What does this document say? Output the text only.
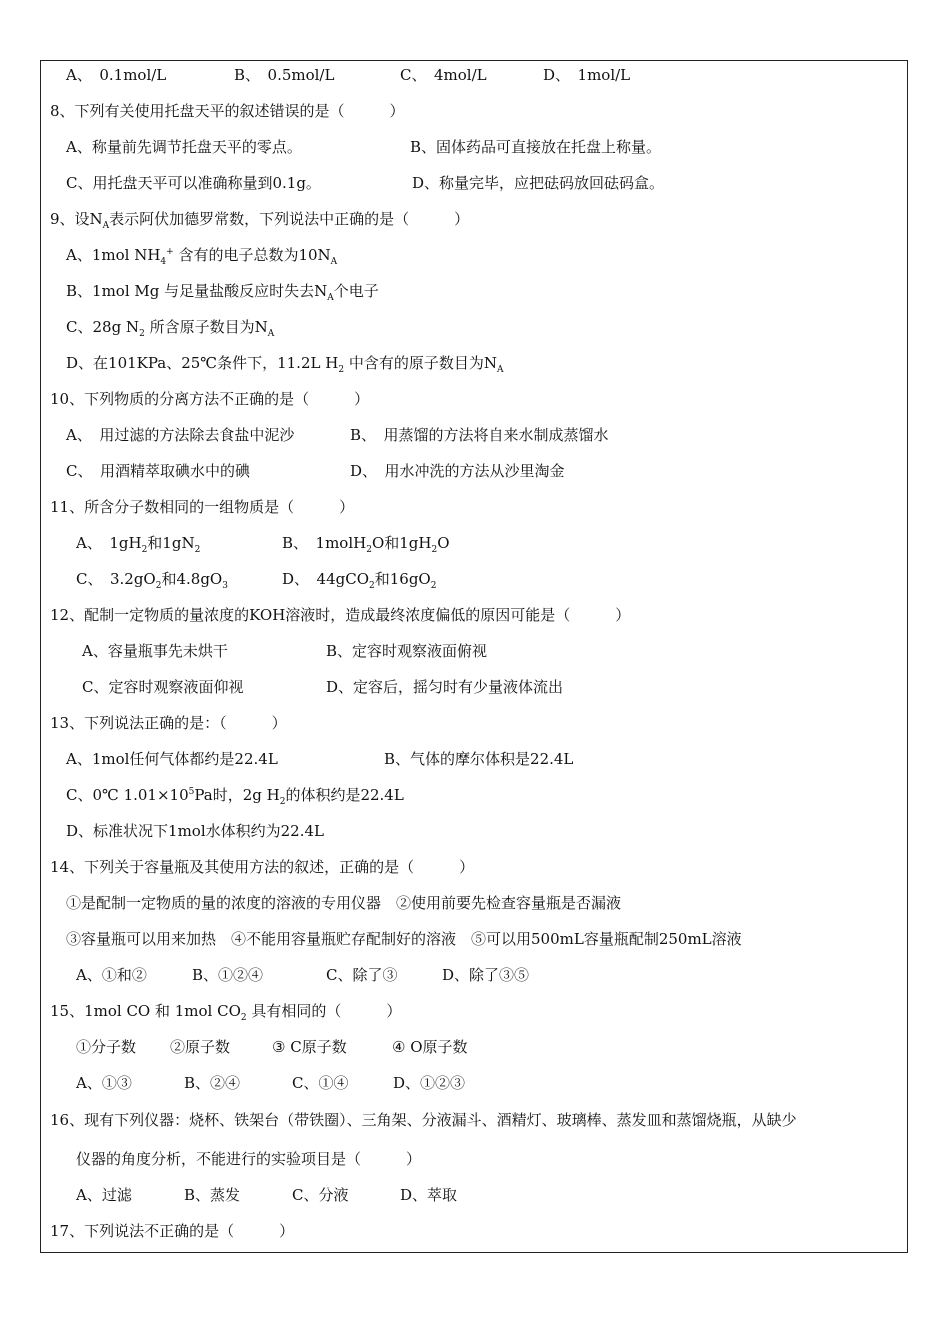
A、　0.1mol/L	B、　0.5mol/L	C、　4mol/L	D、　1mol/L
8、下列有关使用托盘天平的叙述错误的是（　　　）
A、称量前先调节托盘天平的零点。	B、固体药品可直接放在托盘上称量。
C、用托盘天平可以准确称量到0.1g。	D、称量完毕，应把砝码放回砝码盒。
9、设$N_A$表示阿伏加德罗常数，下列说法中正确的是（　　　）
A、1mol $NH_4^+$ 含有的电子总数为$10N_A$
B、1mol Mg 与足量盐酸反应时失去$N_A$个电子
C、28g $N_2$ 所含原子数目为$N_A$
D、在101KPa、25℃条件下，11.2L $H_2$ 中含有的原子数目为$N_A$
10、下列物质的分离方法不正确的是（　　　）
A、　用过滤的方法除去食盐中泥沙	B、　用蒸馏的方法将自来水制成蒸馏水
C、　用酒精萃取碘水中的碘	D、　用水冲洗的方法从沙里淘金
11、所含分子数相同的一组物质是（　　　）
A、　$1gH_2$和$1gN_2$	B、　1molH$_2$O和$1gH_2O$
C、　$3.2gO_2$和$4.8gO_3$	D、　44gCO$_2$和$16gO_2$
12、配制一定物质的量浓度的KOH溶液时，造成最终浓度偏低的原因可能是（　　　）
A、容量瓶事先未烘干	B、定容时观察液面俯视
C、定容时观察液面仰视	D、定容后，摇匀时有少量液体流出
13、下列说法正确的是：（　　　）
A、1mol任何气体都约是22.4L	B、气体的摩尔体积是22.4L
C、0℃ $1.01\times 10^5Pa$时，2g $H_2$的体积约是22.4L
D、标准状况下1mol水体积约为22.4L
14、下列关于容量瓶及其使用方法的叙述，正确的是（　　　）
①是配制一定物质的量的浓度的溶液的专用仪器　②使用前要先检查容量瓶是否漏液
③容量瓶可以用来加热　④不能用容量瓶贮存配制好的溶液　⑤可以用500mL容量瓶配制250mL溶液
A、①和②	B、①②④	C、除了③	D、除了③⑤
15、1mol CO 和 1mol $CO_2$ 具有相同的（　　　）
①分子数 ②原子数	③ C原子数	④ O原子数
A、①③	B、②④	C、①④	D、①②③
16、现有下列仪器：烧杯、铁架台（带铁圈）、三角架、分液漏斗、酒精灯、玻璃棒、蒸发皿和蒸馏烧瓶，从缺少
仪器的角度分析，不能进行的实验项目是（　　　）
A、过滤	B、蒸发	C、分液	D、萃取
17、下列说法不正确的是（　　　）
